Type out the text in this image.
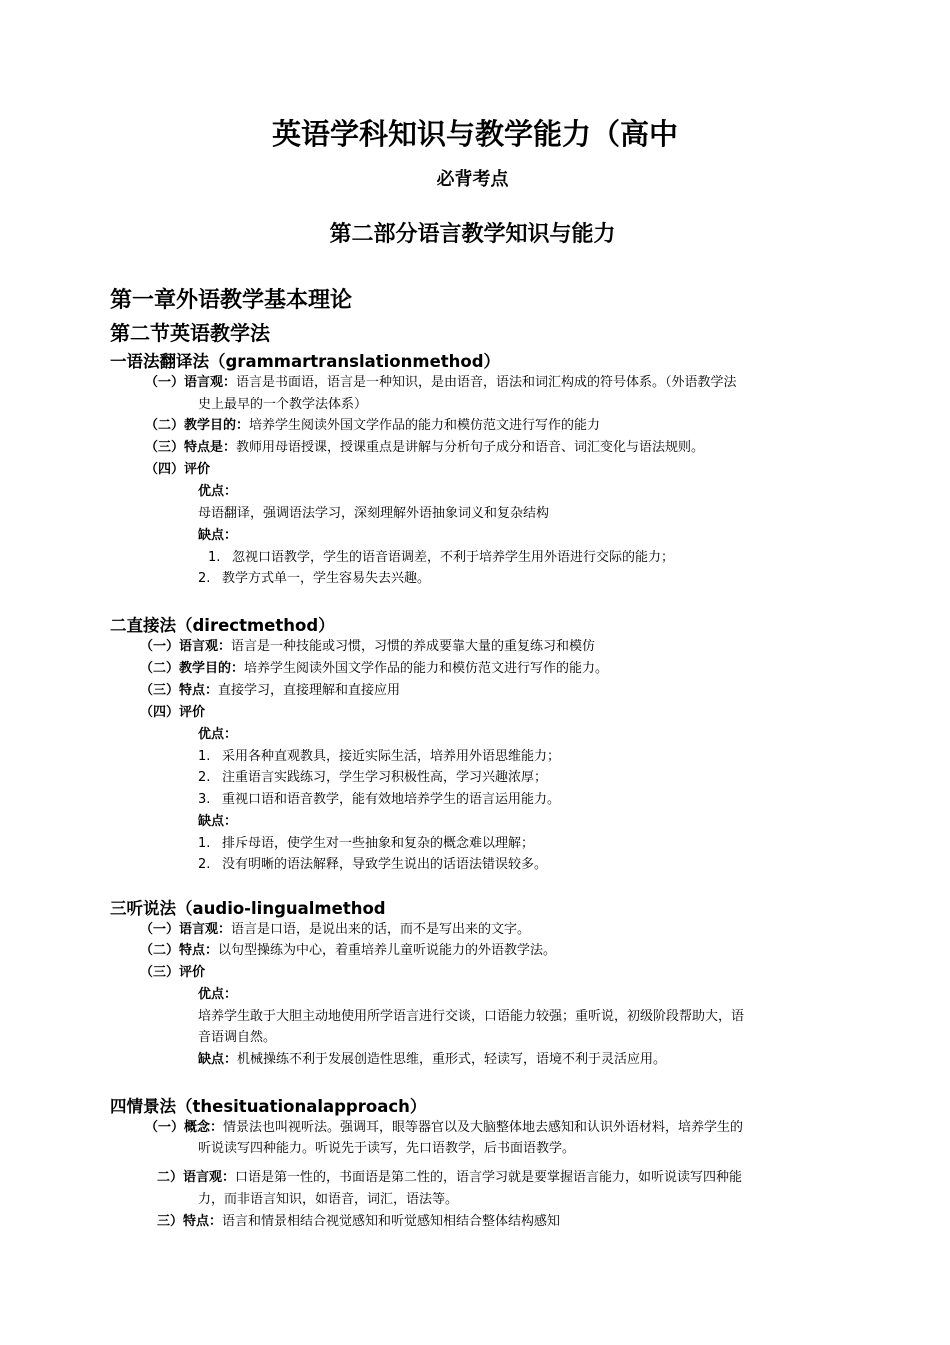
英语学科知识与教学能力（高中
必背考点
第二部分语言教学知识与能力
第一章外语教学基本理论
第二节英语教学法
一语法翻译法（grammartranslationmethod）
（一）语言观：语言是书面语，语言是一种知识，是由语音，语法和词汇构成的符号体系。（外语教学法
史上最早的一个教学法体系）
（二）教学目的：培养学生阅读外国文学作品的能力和模仿范文进行写作的能力
（三）特点是：教师用母语授课，授课重点是讲解与分析句子成分和语音、词汇变化与语法规则。
（四）评价
优点：
母语翻译，强调语法学习，深刻理解外语抽象词义和复杂结构
缺点：
1. 忽视口语教学，学生的语音语调差，不利于培养学生用外语进行交际的能力；
2. 教学方式单一，学生容易失去兴趣。
二直接法（directmethod）
（一）语言观：语言是一种技能或习惯，习惯的养成要靠大量的重复练习和模仿
（二）教学目的：培养学生阅读外国文学作品的能力和模仿范文进行写作的能力。
（三）特点：直接学习，直接理解和直接应用
（四）评价
优点：
1. 采用各种直观教具，接近实际生活，培养用外语思维能力；
2. 注重语言实践练习，学生学习积极性高，学习兴趣浓厚；
3. 重视口语和语音教学，能有效地培养学生的语言运用能力。
缺点：
1. 排斥母语，使学生对一些抽象和复杂的概念难以理解；
2. 没有明晰的语法解释，导致学生说出的话语法错误较多。
三听说法（audio-lingualmethod
（一）语言观：语言是口语，是说出来的话，而不是写出来的文字。
（二）特点：以句型操练为中心，着重培养儿童听说能力的外语教学法。
（三）评价
优点：
培养学生敢于大胆主动地使用所学语言进行交谈，口语能力较强；重听说，初级阶段帮助大，语
音语调自然。
缺点：机械操练不利于发展创造性思维，重形式，轻读写，语境不利于灵活应用。
四情景法（thesituationalapproach）
（一）概念：情景法也叫视听法。强调耳，眼等器官以及大脑整体地去感知和认识外语材料，培养学生的
听说读写四种能力。听说先于读写，先口语教学，后书面语教学。
二）语言观：口语是第一性的，书面语是第二性的，语言学习就是要掌握语言能力，如听说读写四种能
力，而非语言知识，如语音，词汇，语法等。
三）特点：语言和情景相结合视觉感知和听觉感知相结合整体结构感知
